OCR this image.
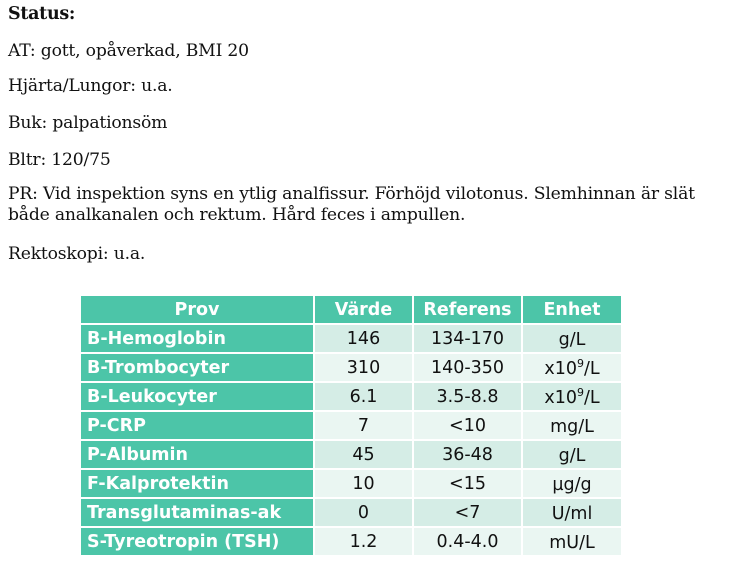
Status:

AT: gott, opåverkad, BMI 20

Hjärta/Lungor: u.a.

Buk: palpationsöm

Bltr: 120/75

PR: Vid inspektion syns en ytlig analfissur. Förhöjd vilotonus. Slemhinnan är slät både analkanalen och rektum. Hård feces i ampullen.

Rektoskopi: u.a.

Prov	Värde	Referens	Enhet
B-Hemoglobin	146	134-170	g/L
B-Trombocyter	310	140-350	$x10^9/L$
B-Leukocyter	6.1	3.5-8.8	$x10^9/L$
P-CRP	7	<10	mg/L
P-Albumin	45	36-48	g/L
F-Kalprotektin	10	<15	µg/g
Transglutaminas-ak	0	<7	U/ml
S-Tyreotropin (TSH)	1.2	0.4-4.0	mU/L
